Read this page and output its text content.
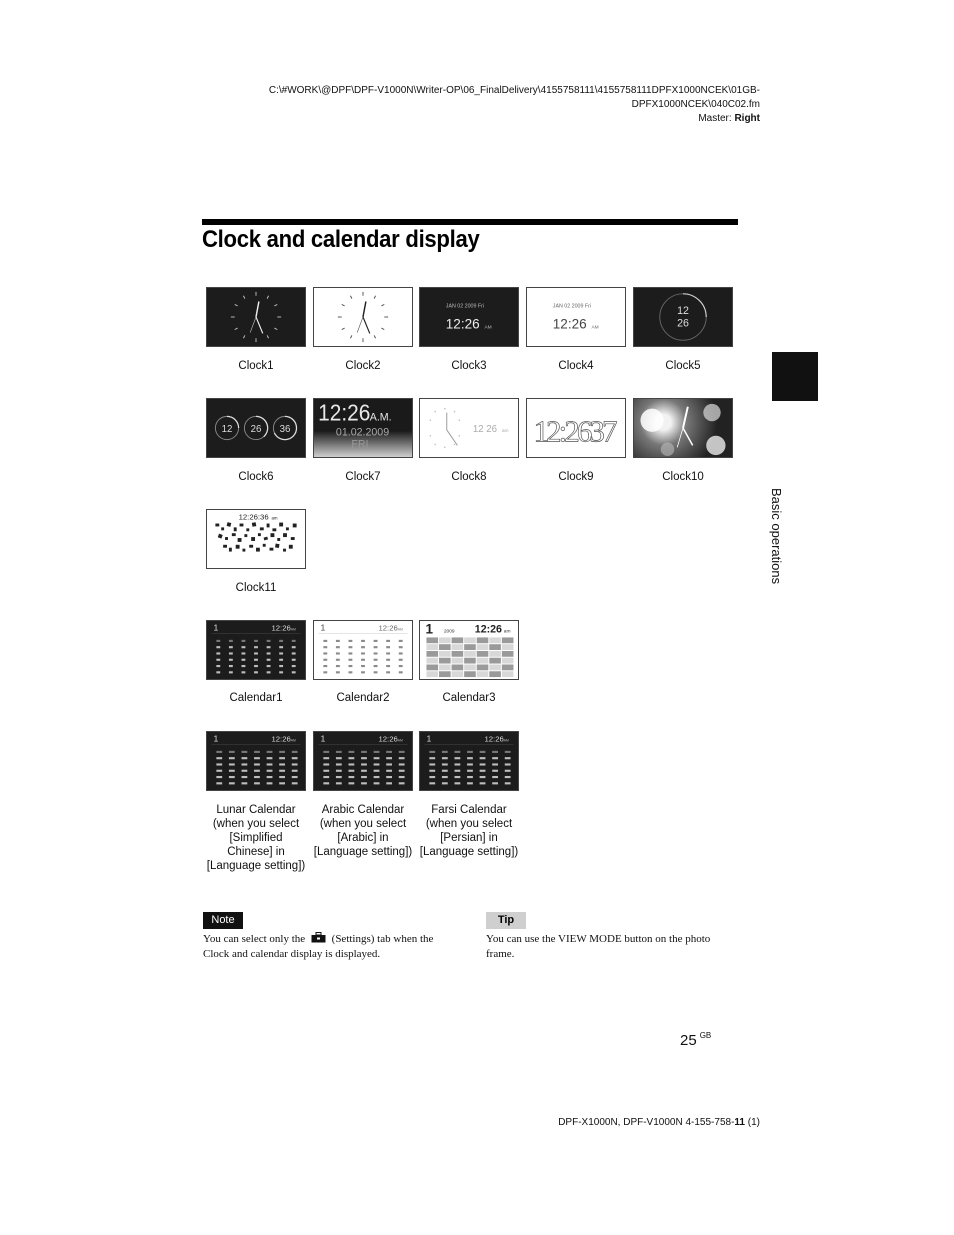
C:\#WORK\@DPF\DPF-V1000N\Writer-OP\06_FinalDelivery\4155758111\4155758111DPFX1000NCEK\01GB-
DPFX1000NCEK\040C02.fm
Master: Right
Clock and calendar display
Basic operations
JAN 02 2009 Fri
12:26 AM
JAN 02 2009 Fri
12:26 AM
12
26
Clock1	Clock2	Clock3	Clock4	Clock5
12 26 36
12:26 A.M.
01.02.2009
FRI
12 26 am 12:2637
Clock6	Clock7	Clock8	Clock9	Clock10
12:26:36 am
Clock11
1	12:26 AM	1	12:26 AM 1 2009 12:26 am
Calendar1	Calendar2	Calendar3
1	12:26 AM	1	12:26 AM	1	12:26 AM
Lunar Calendar
(when you select
[Simplified
Chinese] in
[Language setting])
Arabic Calendar
(when you select
[Arabic] in
[Language setting])
Farsi Calendar
(when you select
[Persian] in
[Language setting])
Note
You can select only the (Settings) tab when the Clock and calendar display is displayed.
Tip
You can use the VIEW MODE button on the photo frame.
25 $^{GB}$
DPF-X1000N, DPF-V1000N 4-155-758-11 (1)
